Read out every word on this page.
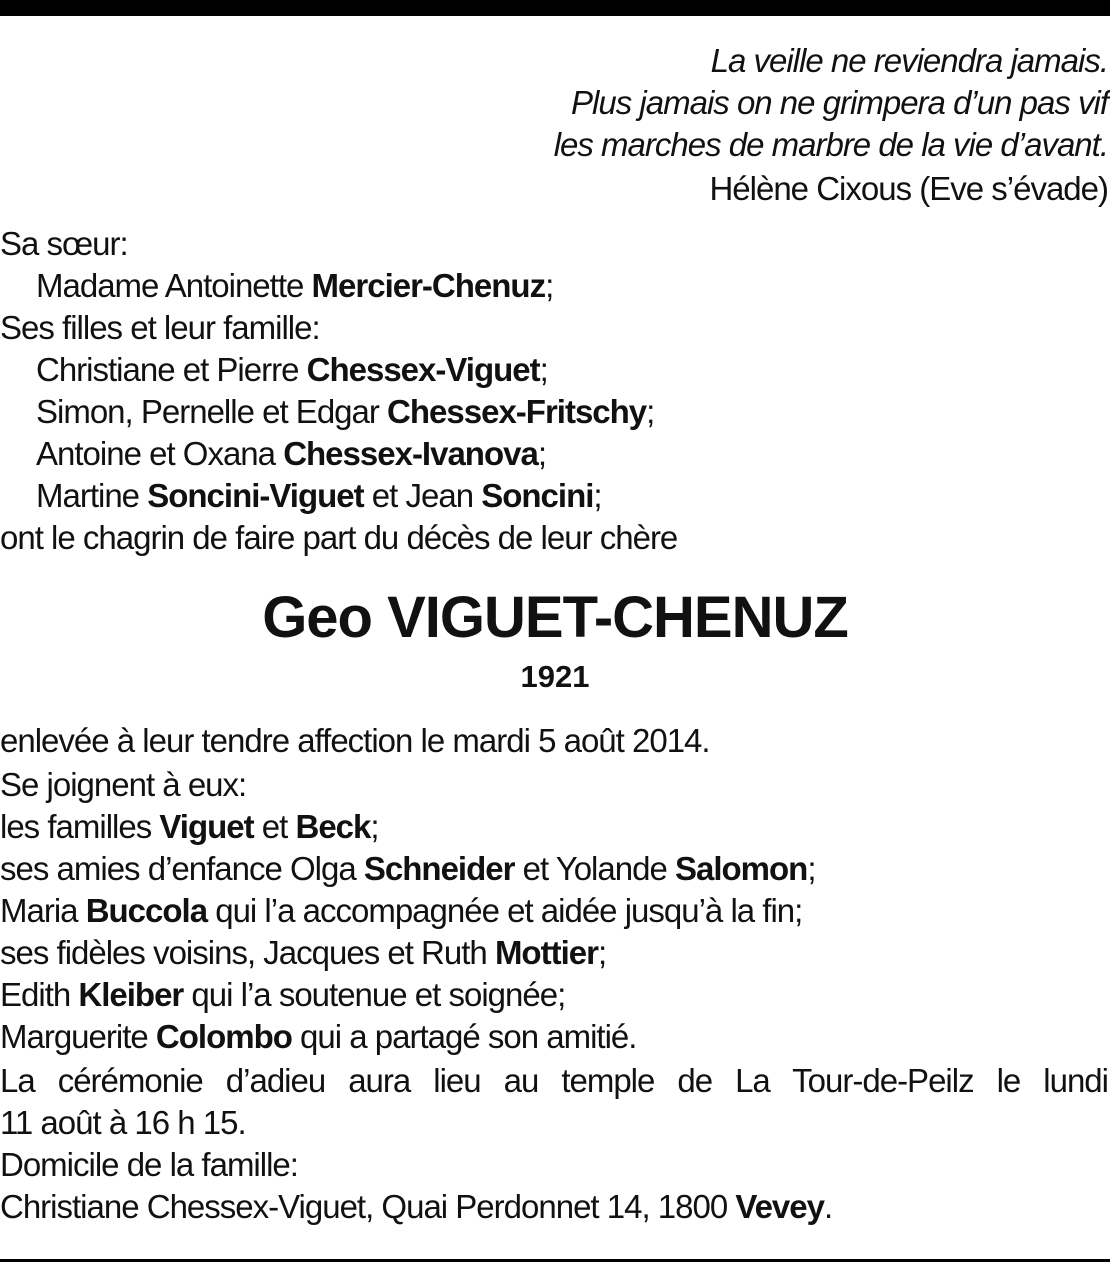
La veille ne reviendra jamais.
Plus jamais on ne grimpera d’un pas vif
les marches de marbre de la vie d’avant.
Hélène Cixous (Eve s’évade)
Sa sœur:
Madame Antoinette Mercier-Chenuz;
Ses filles et leur famille:
Christiane et Pierre Chessex-Viguet;
Simon, Pernelle et Edgar Chessex-Fritschy;
Antoine et Oxana Chessex-Ivanova;
Martine Soncini-Viguet et Jean Soncini;
ont le chagrin de faire part du décès de leur chère
Geo VIGUET-CHENUZ
1921
enlevée à leur tendre affection le mardi 5 août 2014.
Se joignent à eux:
les familles Viguet et Beck;
ses amies d’enfance Olga Schneider et Yolande Salomon;
Maria Buccola qui l’a accompagnée et aidée jusqu’à la fin;
ses fidèles voisins, Jacques et Ruth Mottier;
Edith Kleiber qui l’a soutenue et soignée;
Marguerite Colombo qui a partagé son amitié.
La cérémonie d’adieu aura lieu au temple de La Tour-de-Peilz le lundi
11 août à 16 h 15.
Domicile de la famille:
Christiane Chessex-Viguet, Quai Perdonnet 14, 1800 Vevey.
